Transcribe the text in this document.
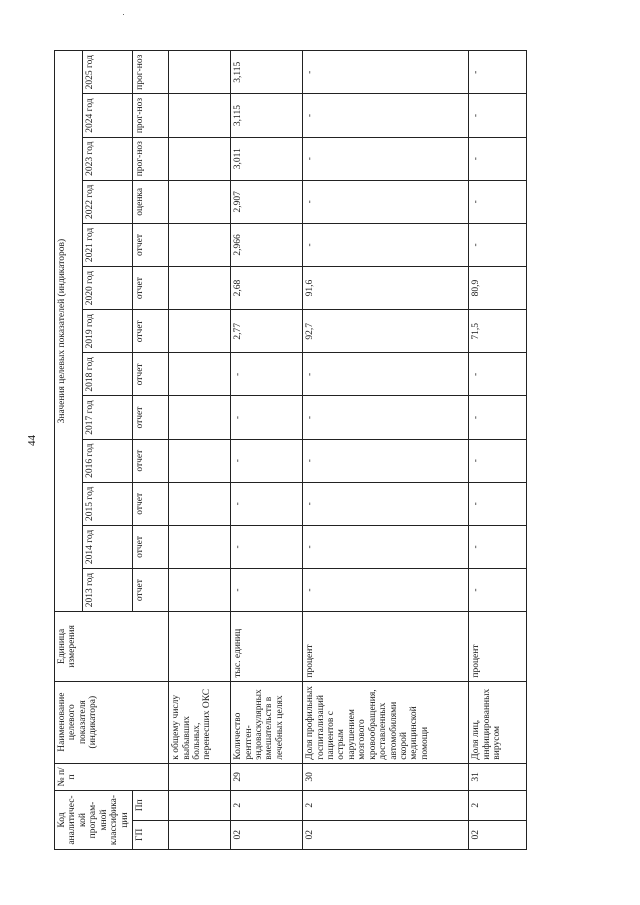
44
Код аналитичес-кой програм-мной классифика-ции		№ п/п	Наименование целевого показателя (индикатора)	Единица измерения	Значения целевых показателей (индикаторов)												
					2013 год	2014 год	2015 год	2016 год	2017 год	2018 год	2019 год	2020 год	2021 год	2022 год	2023 год	2024 год	2025 год
ГП	Пп				отчет	отчет	отчет	отчет	отчет	отчет	отчет	отчет	отчет	оценка	прог-ноз	прог-ноз	прог-ноз
			к общему числу выбывших больных, перенесших ОКС														
02	2	29	Количество рентген-эндоваскулярных вмешательств в лечебных целях	тыс. единиц	-	-	-	-	-	-	2,77	2,68	2,966	2,907	3,011	3,115	3,115
02	2	30	Доля профильных госпитализаций пациентов с острым нарушением мозгового кровообращения, доставленных автомобилями скорой медицинской помощи	процент	-	-	-	-	-	-	92,7	91,6	-	-	-	-	-
02	2	31	Доля лиц, инфицированных вирусом	процент	-	-	-	-	-	-	71,5	80,9	-	-	-	-	-
